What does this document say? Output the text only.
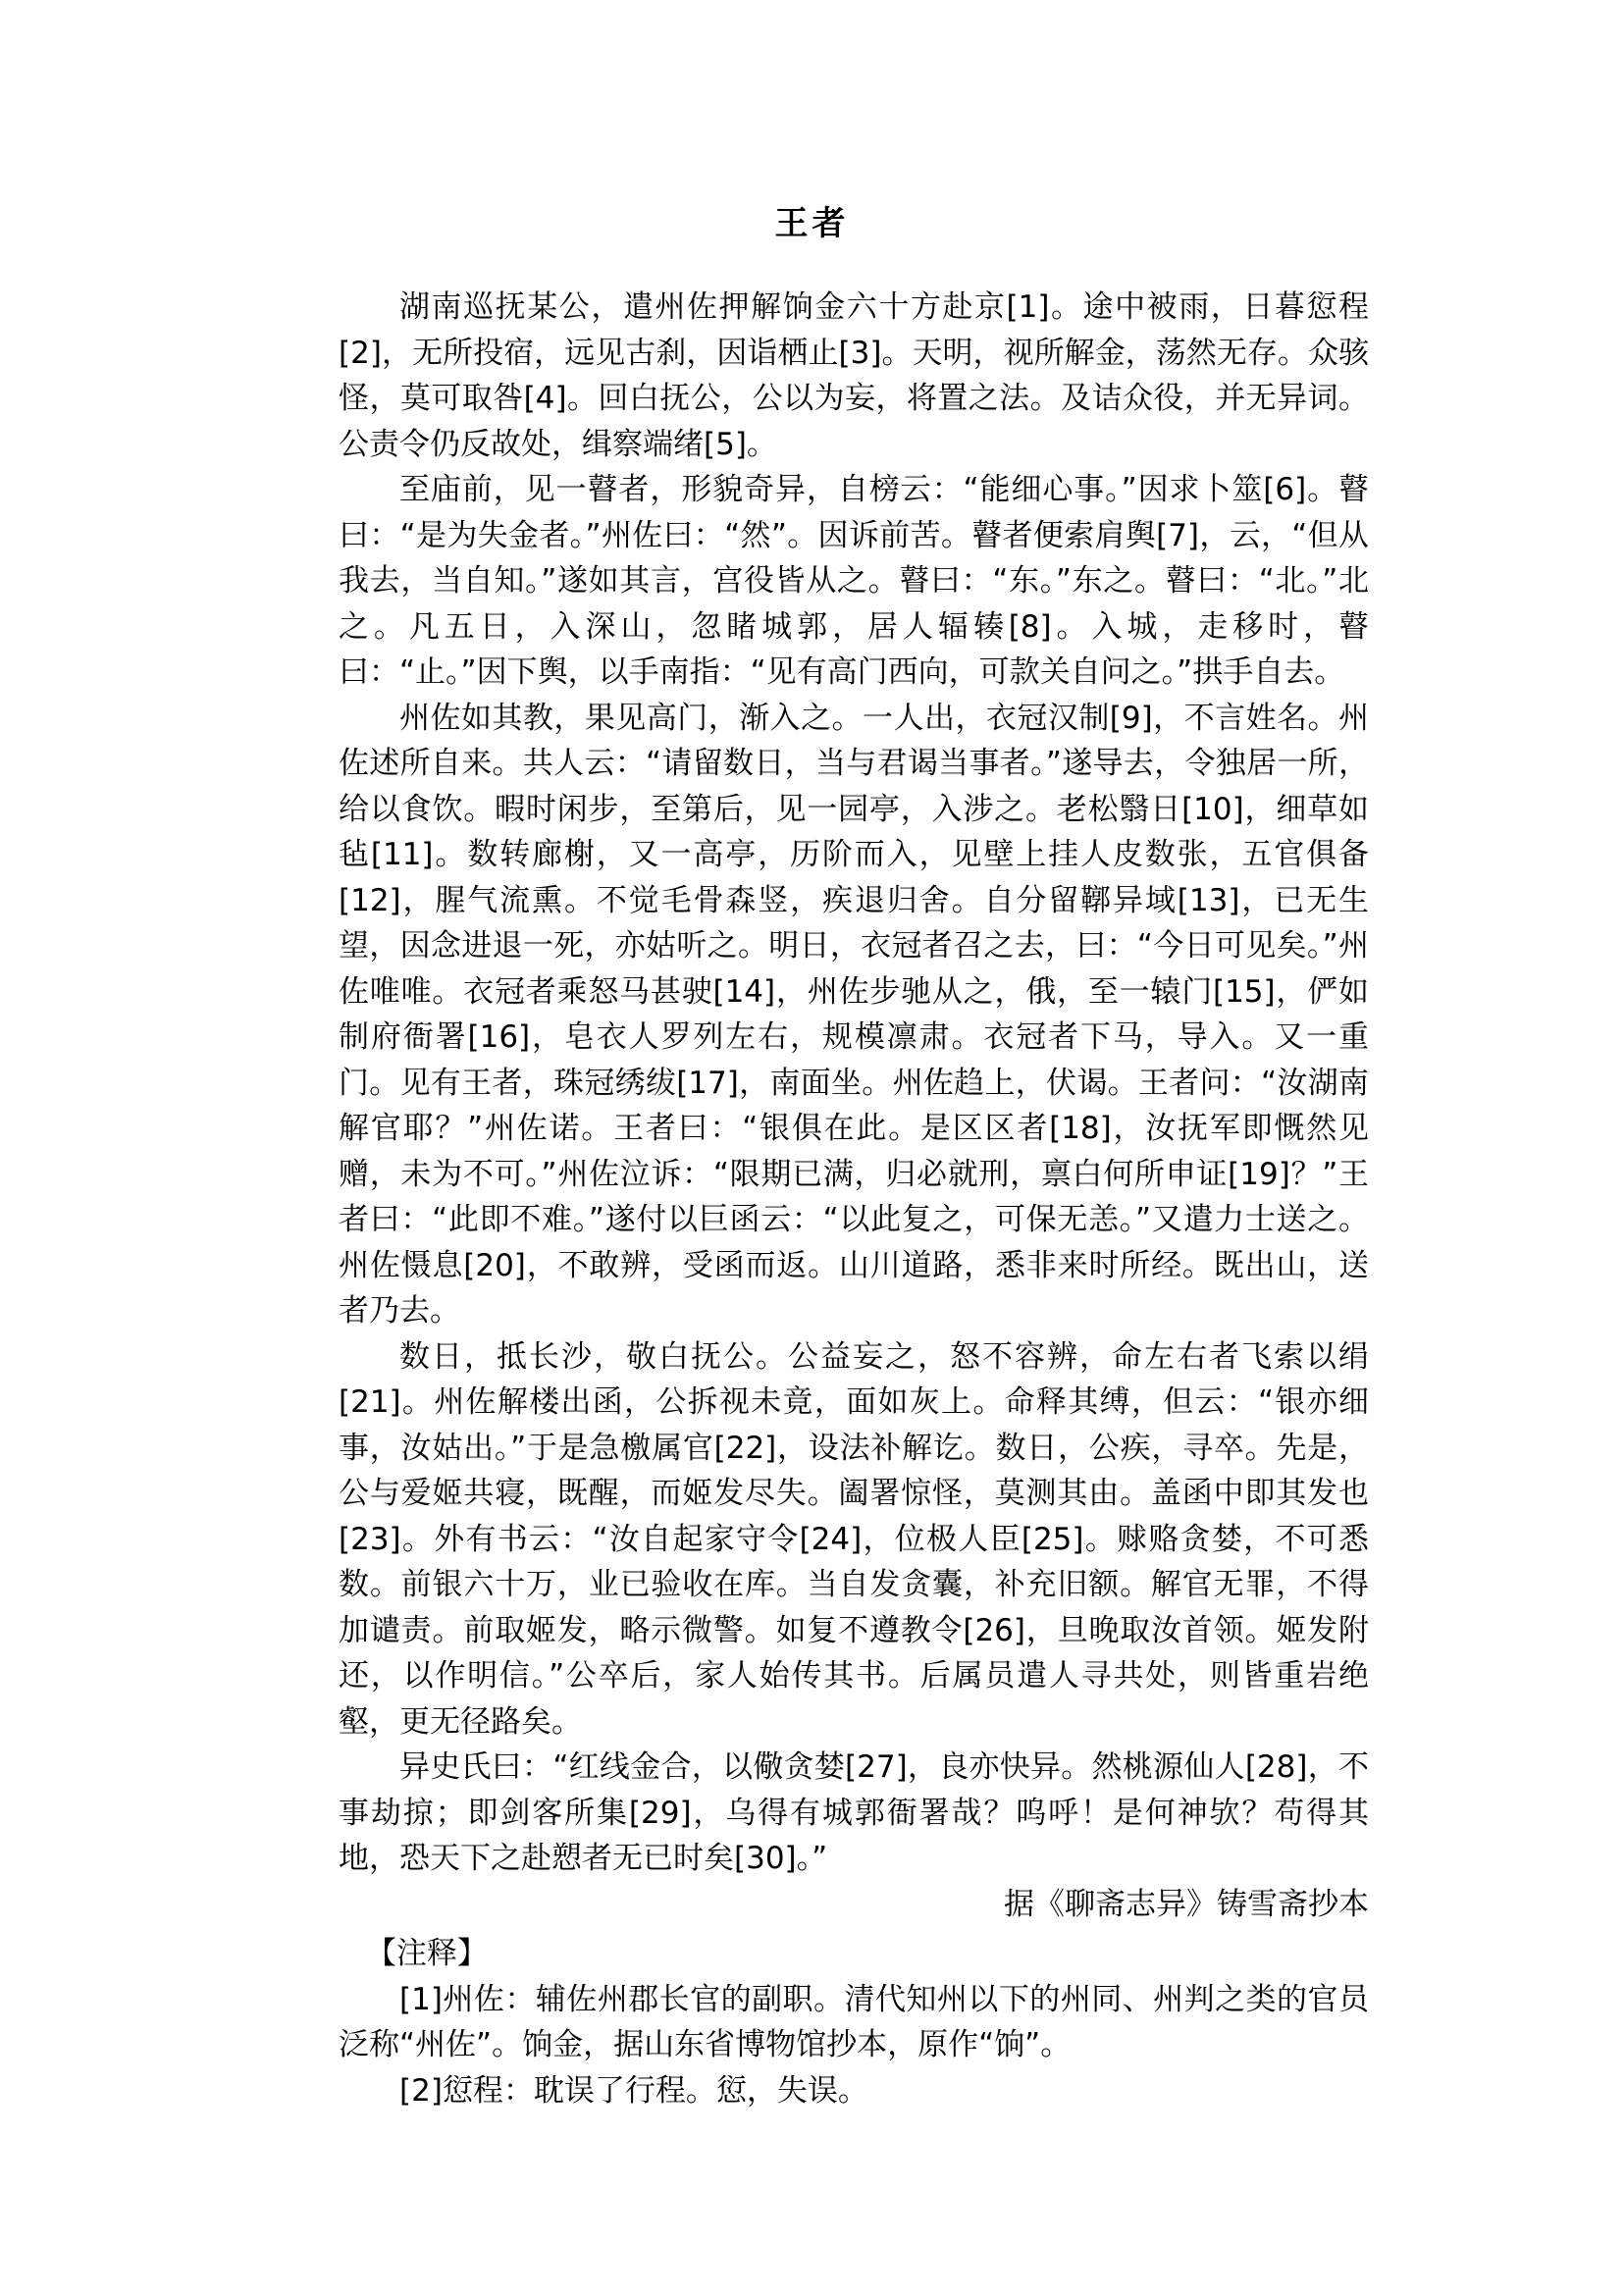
王者

湖南巡抚某公，遣州佐押解饷金六十方赴京[1]。途中被雨，日暮愆程[2]，无所投宿，远见古刹，因诣栖止[3]。天明，视所解金，荡然无存。众骇怪，莫可取咎[4]。回白抚公，公以为妄，将置之法。及诘众役，并无异词。公责令仍反故处，缉察端绪[5]。

至庙前，见一瞽者，形貌奇异，自榜云：“能细心事。”因求卜筮[6]。瞽曰：“是为失金者。”州佐曰：“然”。因诉前苦。瞽者便索肩舆[7]，云，“但从我去，当自知。”遂如其言，宫役皆从之。瞽曰：“东。”东之。瞽曰：“北。”北之。凡五日，入深山，忽睹城郭，居人辐辏[8]。入城，走移时，瞽曰：“止。”因下舆，以手南指：“见有高门西向，可款关自问之。”拱手自去。

州佐如其教，果见高门，渐入之。一人出，衣冠汉制[9]，不言姓名。州佐述所自来。共人云：“请留数日，当与君谒当事者。”遂导去，令独居一所，给以食饮。暇时闲步，至第后，见一园亭，入涉之。老松翳日[10]，细草如毡[11]。数转廊榭，又一高亭，历阶而入，见壁上挂人皮数张，五官俱备[12]，腥气流熏。不觉毛骨森竖，疾退归舍。自分留鞹异域[13]，已无生望，因念进退一死，亦姑听之。明日，衣冠者召之去，曰：“今日可见矣。”州佐唯唯。衣冠者乘怒马甚驶[14]，州佐步驰从之，俄，至一辕门[15]，俨如制府衙署[16]，皂衣人罗列左右，规模凛肃。衣冠者下马，导入。又一重门。见有王者，珠冠绣绂[17]，南面坐。州佐趋上，伏谒。王者问：“汝湖南解官耶？”州佐诺。王者曰：“银俱在此。是区区者[18]，汝抚军即慨然见赠，未为不可。”州佐泣诉：“限期已满，归必就刑，禀白何所申证[19]？”王者曰：“此即不难。”遂付以巨函云：“以此复之，可保无恙。”又遣力士送之。州佐慑息[20]，不敢辨，受函而返。山川道路，悉非来时所经。既出山，送者乃去。

数日，抵长沙，敬白抚公。公益妄之，怒不容辨，命左右者飞索以绢[21]。州佐解楼出函，公拆视未竟，面如灰上。命释其缚，但云：“银亦细事，汝姑出。”于是急檄属官[22]，设法补解讫。数日，公疾，寻卒。先是，公与爱姬共寝，既醒，而姬发尽失。阖署惊怪，莫测其由。盖函中即其发也[23]。外有书云：“汝自起家守令[24]，位极人臣[25]。赇赂贪婪，不可悉数。前银六十万，业已验收在库。当自发贪囊，补充旧额。解官无罪，不得加谴责。前取姬发，略示微警。如复不遵教令[26]，旦晚取汝首领。姬发附还，以作明信。”公卒后，家人始传其书。后属员遣人寻共处，则皆重岩绝壑，更无径路矣。

异史氏曰：“红线金合，以儆贪婪[27]，良亦快异。然桃源仙人[28]，不事劫掠；即剑客所集[29]，乌得有城郭衙署哉？呜呼！是何神欤？苟得其地，恐天下之赴愬者无已时矣[30]。”

据《聊斋志异》铸雪斋抄本

【注释】

[1]州佐：辅佐州郡长官的副职。清代知州以下的州同、州判之类的官员泛称“州佐”。饷金，据山东省博物馆抄本，原作“饷”。

[2]愆程：耽误了行程。愆，失误。
